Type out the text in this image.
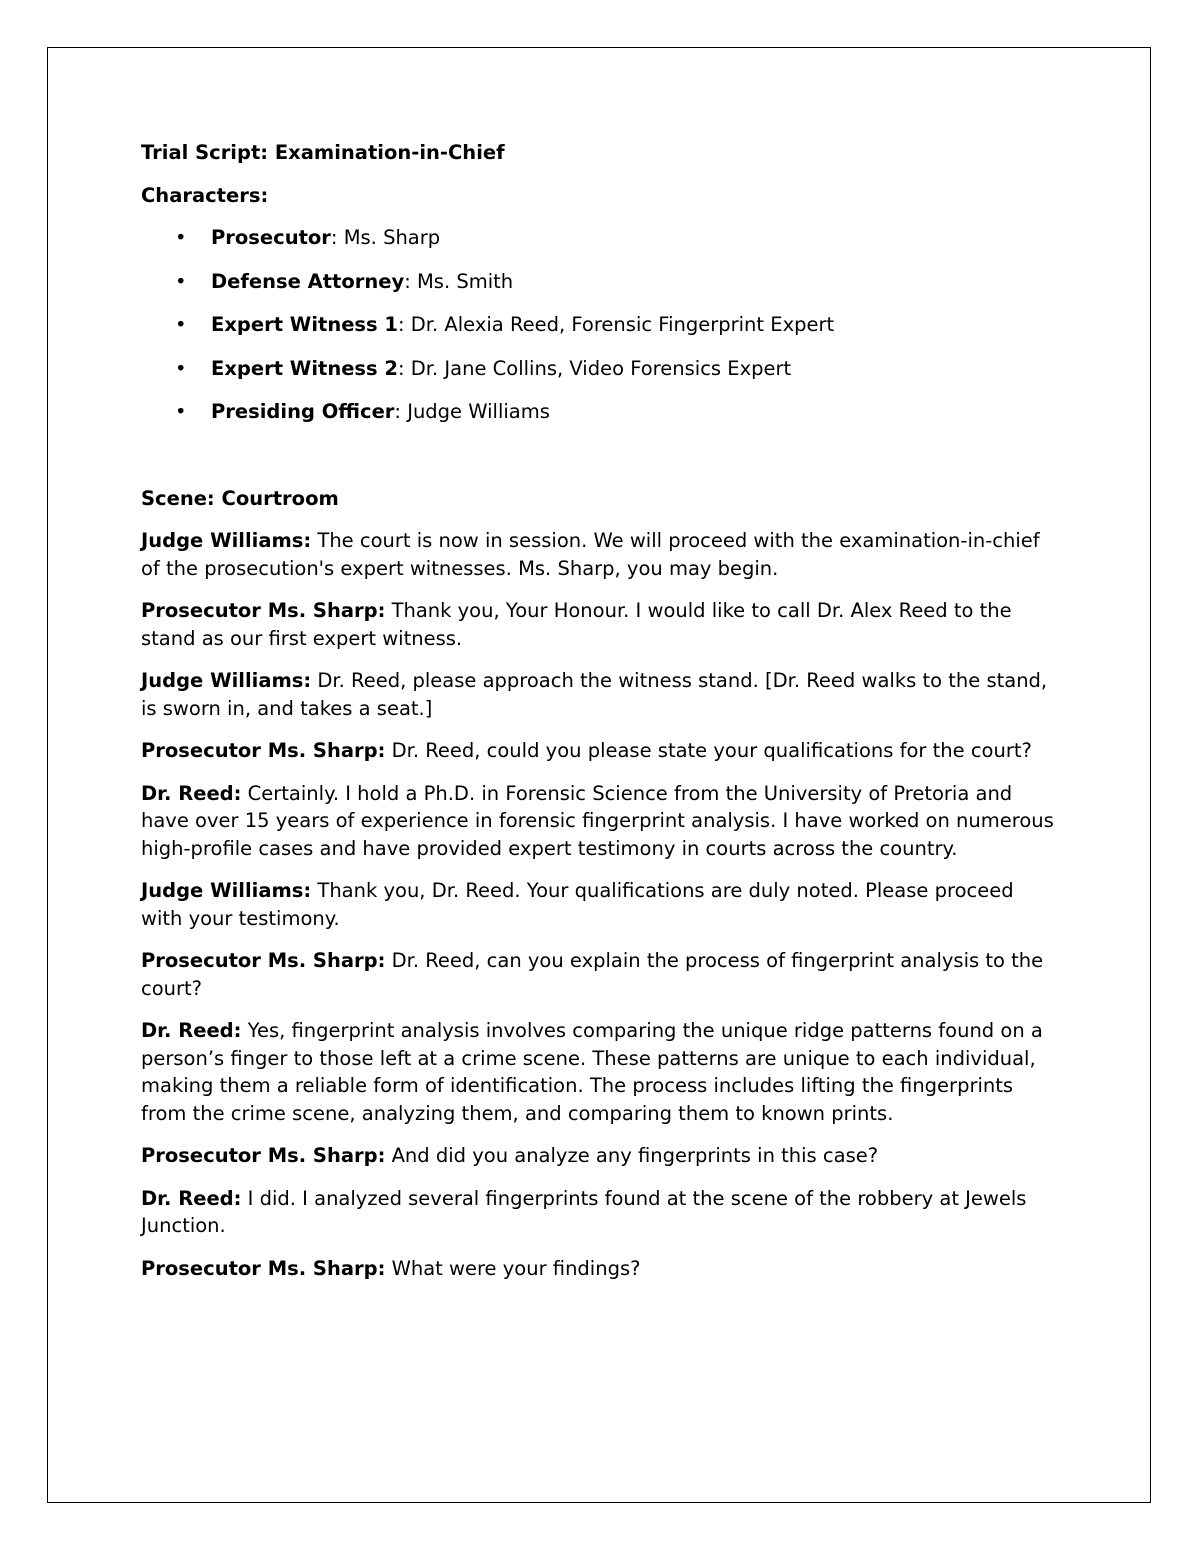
Trial Script: Examination-in-Chief
Characters:
• Prosecutor: Ms. Sharp
• Defense Attorney: Ms. Smith
• Expert Witness 1: Dr. Alexia Reed, Forensic Fingerprint Expert
• Expert Witness 2: Dr. Jane Collins, Video Forensics Expert
• Presiding Officer: Judge Williams
Scene: Courtroom
Judge Williams: The court is now in session. We will proceed with the examination-in-chief of the prosecution's expert witnesses. Ms. Sharp, you may begin.
Prosecutor Ms. Sharp: Thank you, Your Honour. I would like to call Dr. Alex Reed to the stand as our first expert witness.
Judge Williams: Dr. Reed, please approach the witness stand. [Dr. Reed walks to the stand, is sworn in, and takes a seat.]
Prosecutor Ms. Sharp: Dr. Reed, could you please state your qualifications for the court?
Dr. Reed: Certainly. I hold a Ph.D. in Forensic Science from the University of Pretoria and have over 15 years of experience in forensic fingerprint analysis. I have worked on numerous high-profile cases and have provided expert testimony in courts across the country.
Judge Williams: Thank you, Dr. Reed. Your qualifications are duly noted. Please proceed with your testimony.
Prosecutor Ms. Sharp: Dr. Reed, can you explain the process of fingerprint analysis to the court?
Dr. Reed: Yes, fingerprint analysis involves comparing the unique ridge patterns found on a person’s finger to those left at a crime scene. These patterns are unique to each individual, making them a reliable form of identification. The process includes lifting the fingerprints from the crime scene, analyzing them, and comparing them to known prints.
Prosecutor Ms. Sharp: And did you analyze any fingerprints in this case?
Dr. Reed: I did. I analyzed several fingerprints found at the scene of the robbery at Jewels Junction.
Prosecutor Ms. Sharp: What were your findings?
